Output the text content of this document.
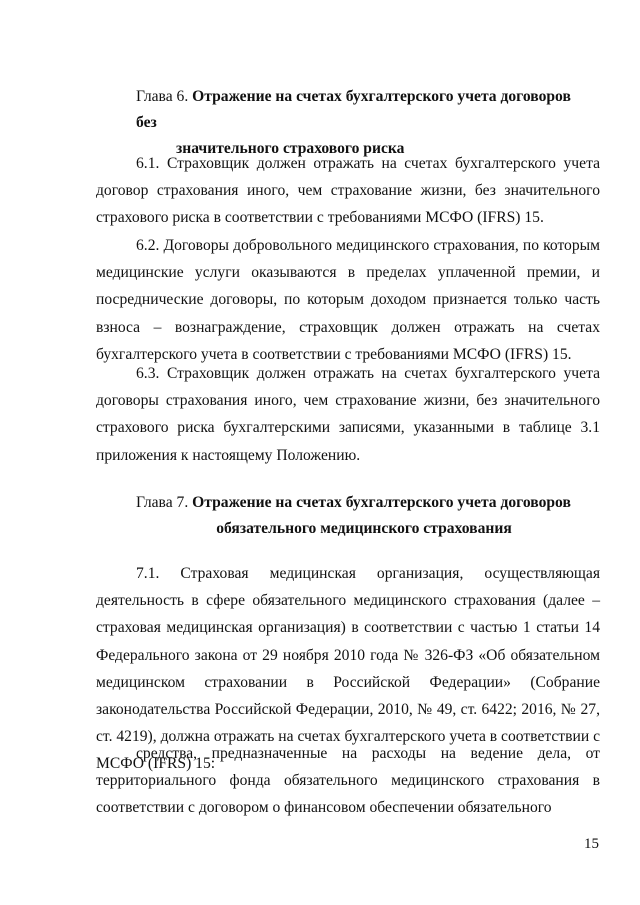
Глава 6. Отражение на счетах бухгалтерского учета договоров без
значительного страхового риска

6.1. Страховщик должен отражать на счетах бухгалтерского учета договор страхования иного, чем страхование жизни, без значительного страхового риска в соответствии с требованиями МСФО (IFRS) 15.

6.2. Договоры добровольного медицинского страхования, по которым медицинские услуги оказываются в пределах уплаченной премии, и посреднические договоры, по которым доходом признается только часть взноса – вознаграждение, страховщик должен отражать на счетах бухгалтерского учета в соответствии с требованиями МСФО (IFRS) 15.

6.3. Страховщик должен отражать на счетах бухгалтерского учета договоры страхования иного, чем страхование жизни, без значительного страхового риска бухгалтерскими записями, указанными в таблице 3.1 приложения к настоящему Положению.

Глава 7. Отражение на счетах бухгалтерского учета договоров
обязательного медицинского страхования

7.1. Страховая медицинская организация, осуществляющая деятельность в сфере обязательного медицинского страхования (далее – страховая медицинская организация) в соответствии с частью 1 статьи 14 Федерального закона от 29 ноября 2010 года № 326-ФЗ «Об обязательном медицинском страховании в Российской Федерации» (Собрание законодательства Российской Федерации, 2010, № 49, ст. 6422; 2016, № 27, ст. 4219), должна отражать на счетах бухгалтерского учета в соответствии с МСФО (IFRS) 15:

средства, предназначенные на расходы на ведение дела, от территориального фонда обязательного медицинского страхования в соответствии с договором о финансовом обеспечении обязательного

15
